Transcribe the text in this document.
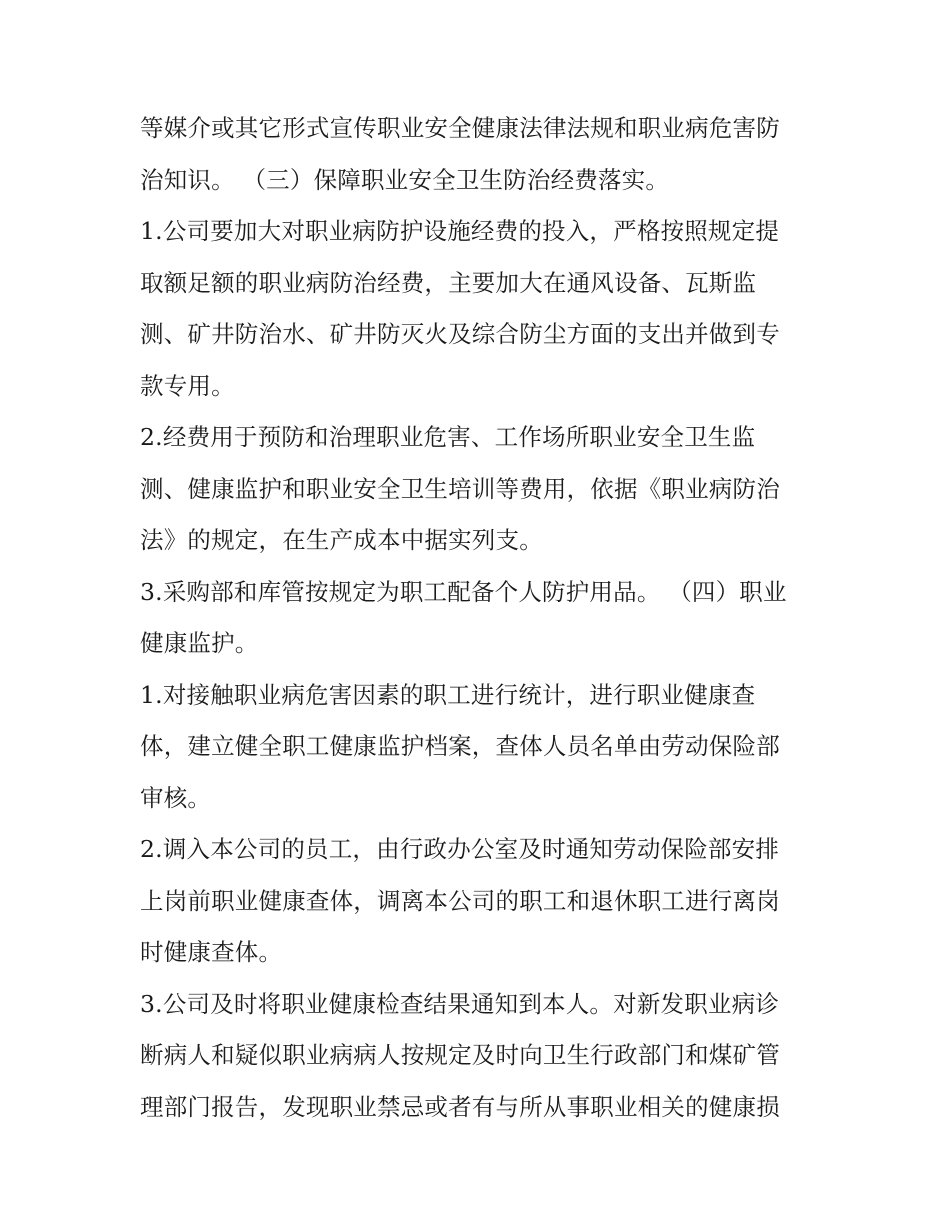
等媒介或其它形式宣传职业安全健康法律法规和职业病危害防
治知识。 （三）保障职业安全卫生防治经费落实。
1.公司要加大对职业病防护设施经费的投入，严格按照规定提
取额足额的职业病防治经费，主要加大在通风设备、瓦斯监
测、矿井防治水、矿井防灭火及综合防尘方面的支出并做到专
款专用。
2.经费用于预防和治理职业危害、工作场所职业安全卫生监
测、健康监护和职业安全卫生培训等费用，依据《职业病防治
法》的规定，在生产成本中据实列支。
3.采购部和库管按规定为职工配备个人防护用品。 （四）职业
健康监护。
1.对接触职业病危害因素的职工进行统计，进行职业健康查
体，建立健全职工健康监护档案，查体人员名单由劳动保险部
审核。
2.调入本公司的员工，由行政办公室及时通知劳动保险部安排
上岗前职业健康查体，调离本公司的职工和退休职工进行离岗
时健康查体。
3.公司及时将职业健康检查结果通知到本人。对新发职业病诊
断病人和疑似职业病病人按规定及时向卫生行政部门和煤矿管
理部门报告，发现职业禁忌或者有与所从事职业相关的健康损
